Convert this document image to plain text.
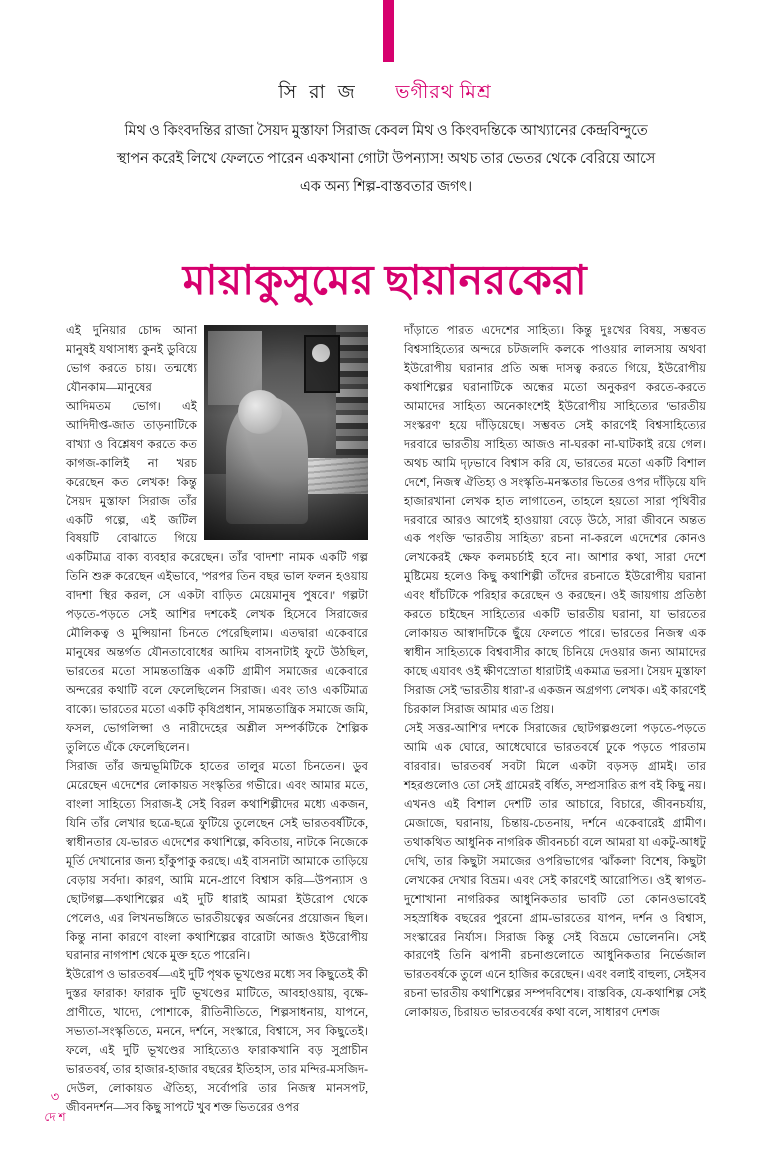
সি রা জ ভগীরথ মিশ্র
মিথ ও কিংবদন্তির রাজা সৈয়দ মুস্তাফা সিরাজ কেবল মিথ ও কিংবদন্তিকে আখ্যানের কেন্দ্রবিন্দুতে স্থাপন করেই লিখে ফেলতে পারেন একখানা গোটা উপন্যাস! অথচ তার ভেতর থেকে বেরিয়ে আসে এক অন্য শিল্প-বাস্তবতার জগৎ।
মায়াকুসুমের ছায়ানরকেরা

এই দুনিয়ার চোদ্দ আনা মানুষই যথাসাধ্য কুনই ডুবিয়ে ভোগ করতে চায়। তন্মধ্যে যৌনকাম—মানুষের আদিমতম ভোগ। এই আদিদীপ্ত-জাত তাড়নাটিকে বাখ্যা ও বিশ্লেষণ করতে কত কাগজ-কালিই না খরচ করেছেন কত লেখক! কিন্তু সৈয়দ মুস্তাফা সিরাজ তাঁর একটি গল্পে, এই জটিল বিষয়টি বোঝাতে গিয়ে একটিমাত্র বাক্য ব্যবহার করেছেন। তাঁর 'বাদশা' নামক একটি গল্প তিনি শুরু করেছেন এইভাবে, 'পরপর তিন বছর ভাল ফলন হওয়ায় বাদশা স্থির করল, সে একটা বাড়িত মেয়েমানুষ পুষবে।' গল্পটা পড়তে-পড়তে সেই আশির দশকেই লেখক হিসেবে সিরাজের মৌলিকত্ব ও মুন্সিয়ানা চিনতে পেরেছিলাম। এতদ্বারা একেবারে মানুষের অন্তর্গত যৌনতাবোধের আদিম বাসনাটাই ফুটে উঠছিল, ভারতের মতো সামন্ততান্ত্রিক একটি গ্রামীণ সমাজের একেবারে অন্দরের কথাটি বলে ফেলেছিলেন সিরাজ। এবং তাও একটিমাত্র বাক্যে। ভারতের মতো একটি কৃষিপ্রধান, সামন্ততান্ত্রিক সমাজে জমি, ফসল, ভোগলিপ্সা ও নারীদেহের অশ্লীল সম্পর্কটিকে শৈল্পিক তুলিতে এঁকে ফেলেছিলেন।

সিরাজ তাঁর জন্মভূমিটিকে হাতের তালুর মতো চিনতেন। ডুব মেরেছেন এদেশের লোকায়ত সংস্কৃতির গভীরে। এবং আমার মতে, বাংলা সাহিত্যে সিরাজ-ই সেই বিরল কথাশিল্পীদের মধ্যে একজন, যিনি তাঁর লেখার ছত্রে-ছত্রে ফুটিয়ে তুলেছেন সেই ভারতবর্ষটিকে, স্বাধীনতার যে-ভারত এদেশের কথাশিল্পে, কবিতায়, নাটকে নিজেকে মূর্তি দেখানোর জন্য হাঁকুপাকু করছে। এই বাসনাটা আমাকে তাড়িয়ে বেড়ায় সর্বদা। কারণ, আমি মনে-প্রাণে বিশ্বাস করি—উপন্যাস ও ছোটগল্প—কথাশিল্পের এই দুটি ধারাই আমরা ইউরোপ থেকে পেলেও, এর লিখনভঙ্গিতে ভারতীয়ত্বের অর্জনের প্রয়োজন ছিল। কিন্তু নানা কারণে বাংলা কথাশিল্পের বারোটা আজও ইউরোপীয় ঘরানার নাগপাশ থেকে মুক্ত হতে পারেনি।

ইউরোপ ও ভারতবর্ষ—এই দুটি পৃথক ভূখণ্ডের মধ্যে সব কিছুতেই কী দুস্তর ফারাক! ফারাক দুটি ভূখণ্ডের মাটিতে, আবহাওয়ায়, বৃক্ষে-প্রাণীতে, খাদ্যে, পোশাকে, রীতিনীতিতে, শিল্পসাধনায়, যাপনে, সভ্যতা-সংস্কৃতিতে, মননে, দর্শনে, সংস্কারে, বিশ্বাসে, সব কিছুতেই। ফলে, এই দুটি ভূখণ্ডের সাহিত্যেও ফারাকখানি বড় সুপ্রাচীন ভারতবর্ষ, তার হাজার-হাজার বছরের ইতিহাস, তার মন্দির-মসজিদ-দেউল, লোকায়ত ঐতিহ্য, সর্বোপরি তার নিজস্ব মানসপট, জীবনদর্শন—সব কিছু সাপটে খুব শক্ত ভিতরের ওপর

দাঁড়াতে পারত এদেশের সাহিত্য। কিন্তু দুঃখের বিষয়, সম্ভবত বিশ্বসাহিত্যের অন্দরে চটজলদি কলকে পাওয়ার লালসায় অথবা ইউরোপীয় ঘরানার প্রতি অন্ধ দাসত্ব করতে গিয়ে, ইউরোপীয় কথাশিল্পের ঘরানাটিকে অন্ধের মতো অনুকরণ করতে-করতে আমাদের সাহিত্য অনেকাংশেই ইউরোপীয় সাহিত্যের 'ভারতীয় সংস্করণ' হয়ে দাঁড়িয়েছে। সম্ভবত সেই কারণেই বিশ্বসাহিত্যের দরবারে ভারতীয় সাহিত্য আজও না-ঘরকা না-ঘাটকাই রয়ে গেল। অথচ আমি দৃঢ়ভাবে বিশ্বাস করি যে, ভারতের মতো একটি বিশাল দেশে, নিজস্ব ঐতিহ্য ও সংস্কৃতি-মনস্কতার ভিতের ওপর দাঁড়িয়ে যদি হাজারখানা লেখক হাত লাগাতেন, তাহলে হয়তো সারা পৃথিবীর দরবারে আরও আগেই হাওয়ায়া বেড়ে উঠে, সারা জীবনে অন্তত এক পংক্তি 'ভারতীয় সাহিত্য' রচনা না-করলে এদেশের কোনও লেখকেরই ক্ষেফ কলমচর্চাই হবে না। আশার কথা, সারা দেশে মুষ্টিমেয় হলেও কিছু কথাশিল্পী তাঁদের রচনাতে ইউরোপীয় ঘরানা এবং ধাঁচটিকে পরিহার করেছেন ও করছেন। ওই জায়গায় প্রতিষ্ঠা করতে চাইছেন সাহিত্যের একটি ভারতীয় ঘরানা, যা ভারতের লোকায়ত আস্বাদটিকে ছুঁয়ে ফেলতে পারে। ভারতের নিজস্ব এক স্বাধীন সাহিত্যকে বিশ্ববাসীর কাছে চিনিয়ে দেওয়ার জন্য আমাদের কাছে এযাবৎ ওই ক্ষীণস্রোতা ধারাটাই একমাত্র ভরসা। সৈয়দ মুস্তাফা সিরাজ সেই 'ভারতীয় ধারা'-র একজন অগ্রগণ্য লেখক। এই কারণেই চিরকাল সিরাজ আমার এত প্রিয়।

সেই সত্তর-আশি'র দশকে সিরাজের ছোটগল্পগুলো পড়তে-পড়তে আমি এক ঘোরে, আধেঘোরে ভারতবর্ষে ঢুকে পড়তে পারতাম বারবার। ভারতবর্ষ সবটা মিলে একটা বড়সড় গ্রামই। তার শহরগুলোও তো সেই গ্রামেরই বর্ধিত, সম্প্রসারিত রূপ বই কিছু নয়। এখনও এই বিশাল দেশটি তার আচারে, বিচারে, জীবনচর্যায়, মেজাজে, ঘরানায়, চিন্তায়-চেতনায়, দর্শনে একেবারেই গ্রামীণ। তথাকথিত আধুনিক নাগরিক জীবনচর্চা বলে আমরা যা একটু-আধটু দেখি, তার কিছুটা সমাজের ওপরিভাগের 'ঝাঁকলা' বিশেষ, কিছুটা লেখকের দেখার বিভ্রম। এবং সেই কারণেই আরোপিত। ওই স্বাগত-দুশোখানা নাগরিকর আধুনিকতার ভাবটি তো কোনওভাবেই সহস্রাধিক বছরের পুরনো গ্রাম-ভারতের যাপন, দর্শন ও বিশ্বাস, সংস্কারের নির্যাস। সিরাজ কিন্তু সেই বিভ্রমে ভোলেননি। সেই কারণেই তিনি ঝপানী রচনাগুলোতে আধুনিকতার নির্ভেজাল ভারতবর্ষকে তুলে এনে হাজির করেছেন। এবং বলাই বাহুল্য, সেইসব রচনা ভারতীয় কথাশিল্পের সম্পদবিশেষ। বাস্তবিক, যে-কথাশিল্প সেই লোকায়ত, চিরায়ত ভারতবর্ষের কথা বলে, সাধারণ দেশজ

৩
দে শ
